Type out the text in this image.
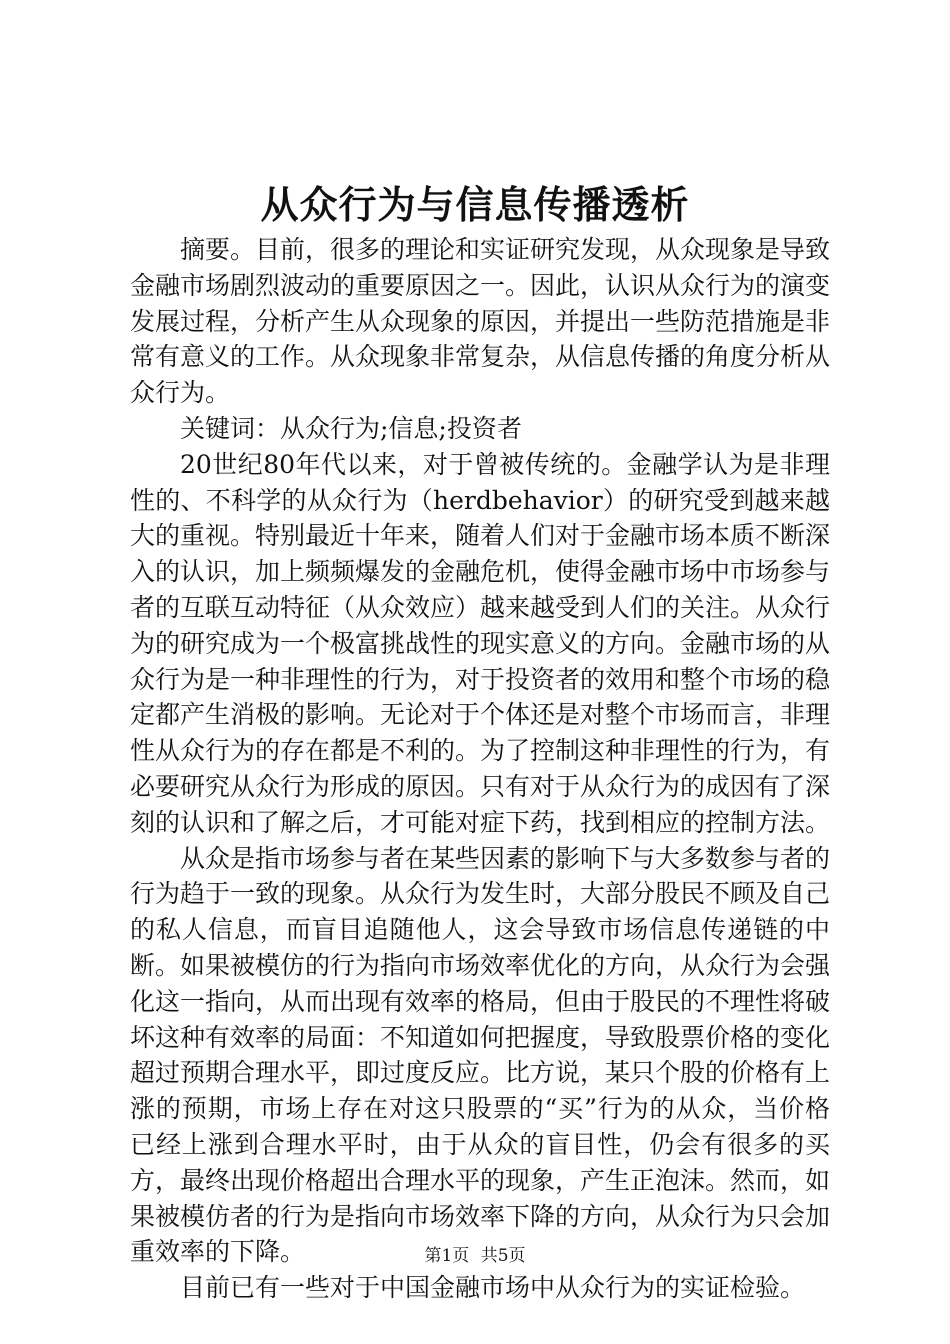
从众行为与信息传播透析

摘要。目前，很多的理论和实证研究发现，从众现象是导致金融市场剧烈波动的重要原因之一。因此，认识从众行为的演变发展过程，分析产生从众现象的原因，并提出一些防范措施是非常有意义的工作。从众现象非常复杂，从信息传播的角度分析从众行为。

关键词：从众行为;信息;投资者

20世纪80年代以来，对于曾被传统的。金融学认为是非理性的、不科学的从众行为（herdbehavior）的研究受到越来越大的重视。特别最近十年来，随着人们对于金融市场本质不断深入的认识，加上频频爆发的金融危机，使得金融市场中市场参与者的互联互动特征（从众效应）越来越受到人们的关注。从众行为的研究成为一个极富挑战性的现实意义的方向。金融市场的从众行为是一种非理性的行为，对于投资者的效用和整个市场的稳定都产生消极的影响。无论对于个体还是对整个市场而言，非理性从众行为的存在都是不利的。为了控制这种非理性的行为，有必要研究从众行为形成的原因。只有对于从众行为的成因有了深刻的认识和了解之后，才可能对症下药，找到相应的控制方法。

从众是指市场参与者在某些因素的影响下与大多数参与者的行为趋于一致的现象。从众行为发生时，大部分股民不顾及自己的私人信息，而盲目追随他人，这会导致市场信息传递链的中断。如果被模仿的行为指向市场效率优化的方向，从众行为会强化这一指向，从而出现有效率的格局，但由于股民的不理性将破坏这种有效率的局面：不知道如何把握度，导致股票价格的变化超过预期合理水平，即过度反应。比方说，某只个股的价格有上涨的预期，市场上存在对这只股票的“买”行为的从众，当价格已经上涨到合理水平时，由于从众的盲目性，仍会有很多的买方，最终出现价格超出合理水平的现象，产生正泡沫。然而，如果被模仿者的行为是指向市场效率下降的方向，从众行为只会加重效率的下降。

目前已有一些对于中国金融市场中从众行为的实证检验。

第1页 共5页
